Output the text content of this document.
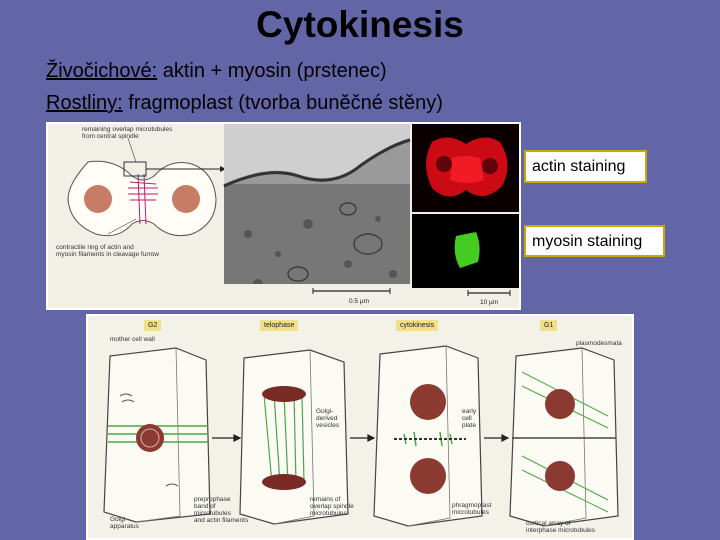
Cytokinesis
Živočichové: aktin + myosin (prstenec)
Rostliny: fragmoplast (tvorba buněčné stěny)
remaining overlap microtubules
from central spindle
contractile ring of actin and
myosin filaments in cleavage furrow
0.5 µm	10 µm
actin staining
myosin staining
G2	telophase	cytokinesis	G1
mother cell wall
Golgi-
derived
vesicles
early
cell
plate
plasmodesmata
Golgi
apparatus
preprophase
band of
microtubules
and actin filaments
remains of
overlap spindle
microtubules
phragmoplast
microtubules
cortical array of
interphase microtubules
